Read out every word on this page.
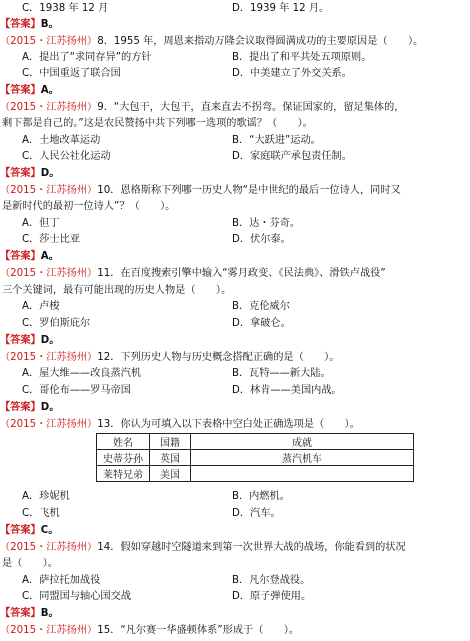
C．1938 年 12 月	D．1939 年 12 月。
【答案】B。
（2015・江苏扬州）8．1955 年，周恩来指动万隆会议取得圆满成功的主要原因是（　　）。
A．提出了“求同存异”的方针	B．提出了和平共处五项原则。
C．中国重返了联合国	D．中美建立了外交关系。
【答案】A。
（2015・江苏扬州）9．“大包干，大包干，直来直去不拐弯。保证国家的，留足集体的，
剩下都是自己的。”这是农民赞扬中共下列哪一选项的歌谣？（　　）。
A．土地改革运动	B．“大跃进”运动。
C．人民公社化运动	D．家庭联产承包责任制。
【答案】D。
（2015・江苏扬州）10．恩格斯称下列哪一历史人物“是中世纪的最后一位诗人，同时又
是新时代的最初一位诗人”？（　　）。
A．但丁	B．达・芬奇。
C．莎士比亚	D．伏尔泰。
【答案】A。
（2015・江苏扬州）11．在百度搜索引擎中输入“雾月政变、《民法典》、滑铁卢战役”
三个关键词，最有可能出现的历史人物是（　　）。
A．卢梭	B．克伦威尔
C．罗伯斯庇尔	D．拿破仑。
【答案】D。
（2015・江苏扬州）12．下列历史人物与历史概念搭配正确的是（　　）。
A．屋大维——改良蒸汽机	B．瓦特——新大陆。
C．哥伦布——罗马帝国	D．林肯——美国内战。
【答案】D。
（2015・江苏扬州）13．你认为可填入以下表格中空白处正确选项是（　　）。
姓名	国籍	成就
史蒂芬孙	英国	蒸汽机车
莱特兄弟	美国	
A．珍妮机	B．内燃机。
C．飞机	D．汽车。
【答案】C。
（2015・江苏扬州）14．假如穿越时空隧道来到第一次世界大战的战场，你能看到的状况
是（　　）。
A．萨拉托加战役	B．凡尔登战役。
C．同盟国与轴心国交战	D．原子弹使用。
【答案】B。
（2015・江苏扬州）15．“凡尔赛一华盛顿体系”形成于（　　）。
